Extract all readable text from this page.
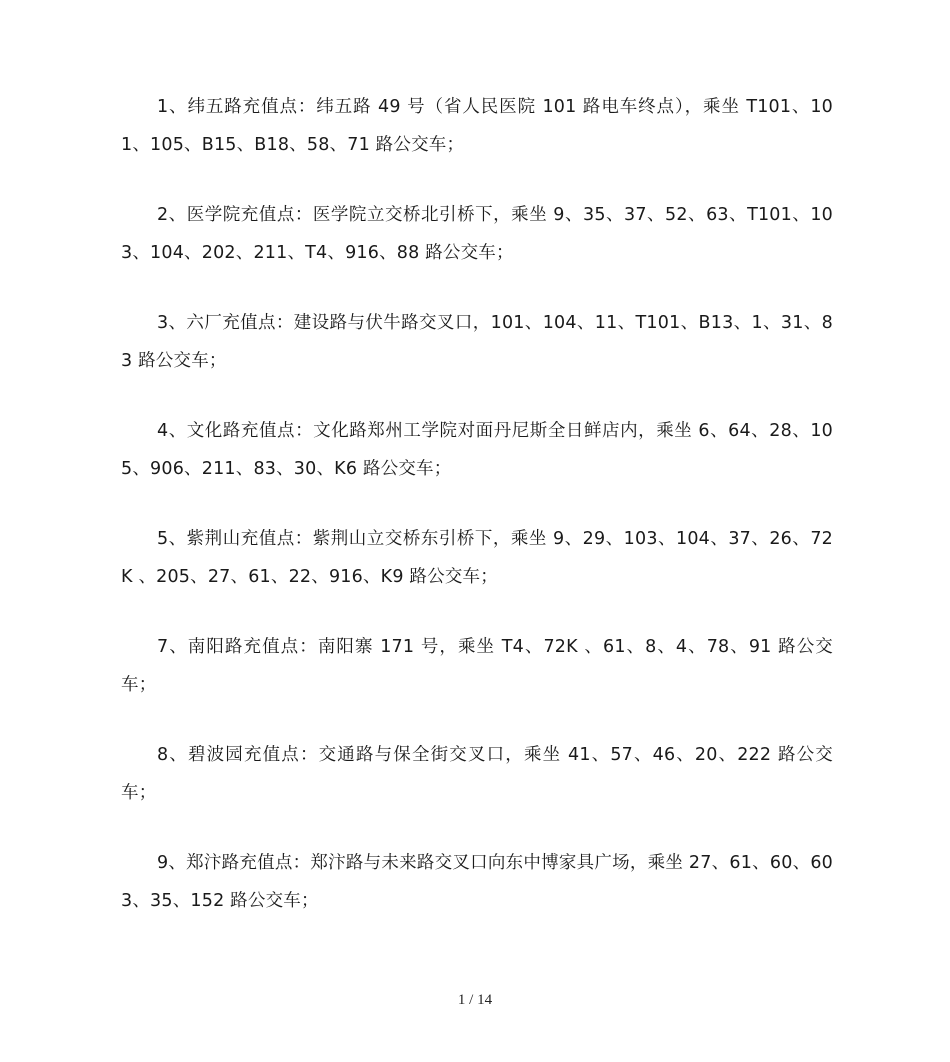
1、纬五路充值点：纬五路 49 号（省人民医院 101 路电车终点），乘坐 T101、101、105、B15、B18、58、71 路公交车；

2、医学院充值点：医学院立交桥北引桥下，乘坐 9、35、37、52、63、T101、103、104、202、211、T4、916、88 路公交车；

3、六厂充值点：建设路与伏牛路交叉口，101、104、11、T101、B13、1、31、83 路公交车；

4、文化路充值点：文化路郑州工学院对面丹尼斯全日鲜店内，乘坐 6、64、28、105、906、211、83、30、K6 路公交车；

5、紫荆山充值点：紫荆山立交桥东引桥下，乘坐 9、29、103、104、37、26、72K 、205、27、61、22、916、K9 路公交车；

7、南阳路充值点：南阳寨 171 号，乘坐 T4、72K 、61、8、4、78、91 路公交车；

8、碧波园充值点：交通路与保全街交叉口，乘坐 41、57、46、20、222 路公交车；

9、郑汴路充值点：郑汴路与未来路交叉口向东中博家具广场，乘坐 27、61、60、603、35、152 路公交车；

1 / 14
